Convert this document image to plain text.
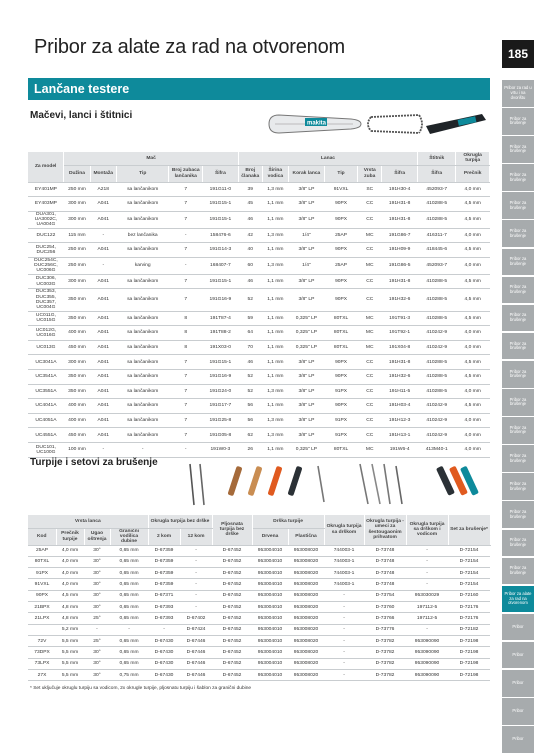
Pribor za alate za rad na otvorenom	185
Lančane testere	Pribor za rad u vrtu i na dvorištu
Pribor za brušenje
Pribor za brušenje
Pribor za brušenje
Pribor za brušenje
Pribor za brušenje
Pribor za brušenje
Pribor za brušenje
Pribor za brušenje
Pribor za brušenje
Pribor za brušenje
Pribor za brušenje
Pribor za brušenje
Pribor za brušenje
Pribor za brušenje
Pribor za brušenje
Pribor za brušenje
Pribor za brušenje
Pribor za alate za rad na otvorenom
Pribor
Pribor
Pribor
Pribor
Pribor
Mačevi, lanci i štitnici
makita
Za model	Mač					Lanac						Štitnik	Okrugla turpija
	Dužina	Montaža	Tip	Broj zubaca lančanika	Šifra	Broj članaka	Širina vodica	Korak lanca	Tip	Vrsta zuba	Šifra	Šifra	Prečnik
EY401MP	250 mm	A218	sa lančanikom	7	191G11-0	39	1,3 mm	3/8" LP	91VXL	SC	191H30-4	452093-7	4,0 mm
EY403MP	300 mm	A041	sa lančanikom	7	191G15-1	45	1,1 mm	3/8" LP	90PX	CC	191H31-8	410288-5	4,5 mm
DUA301, UA3002C, UA004G	300 mm	A041	sa lančanikom	7	191G15-1	46	1,1 mm	3/8" LP	90PX	CC	191H31-8	410288-5	4,5 mm
DUC122	115 mm	-	bez lančanika	-	158476-6	42	1,3 mm	1/4"	25AP	MC	191G86-7	416311-7	4,0 mm
DUC254, DUC256	250 mm	A041	sa lančanikom	7	191G14-3	40	1,1 mm	3/8" LP	90PX	CC	191H09-9	418445-6	4,5 mm
DUC254C, DUC256C, UC006G	250 mm	-	karving	-	168407-7	60	1,3 mm	1/4"	25AP	MC	191G86-5	452093-7	4,0 mm
DUC306, UC003G	300 mm	A041	sa lančanikom	7	191G15-1	46	1,1 mm	3/8" LP	90PX	CC	191H31-8	410288-5	4,5 mm
DUC353, DUC355, DUC357, UC004G	350 mm	A041	sa lančanikom	7	191G16-9	52	1,1 mm	3/8" LP	90PX	CC	191H32-6	410288-5	4,5 mm
UC011G, UC015G	350 mm	A041	sa lančanikom	8	191T87-4	59	1,1 mm	0,325" LP	80TXL	MC	191T91-3	410288-5	4,5 mm
UC012G, UC016G	400 mm	A041	sa lančanikom	8	191T88-2	64	1,1 mm	0,325" LP	80TXL	MC	191T92-1	410242-9	4,0 mm
UC013G	450 mm	A041	sa lančanikom	8	191X03-0	70	1,1 mm	0,325" LP	80TXL	MC	191X04-8	410242-9	4,0 mm
UC3041A	300 mm	A041	sa lančanikom	7	191G15-1	46	1,1 mm	3/8" LP	90PX	CC	191H31-8	410288-5	4,5 mm
UC3541A	350 mm	A041	sa lančanikom	7	191G16-9	52	1,1 mm	3/8" LP	90PX	CC	191H32-6	410288-5	4,5 mm
UC3551A	350 mm	A041	sa lančanikom	7	191G24-0	52	1,3 mm	3/8" LP	91PX	CC	191H11-5	410288-5	4,0 mm
UC4041A	400 mm	A041	sa lančanikom	7	191G17-7	56	1,1 mm	3/8" LP	90PX	CC	191H03-4	410242-9	4,5 mm
UC4051A	400 mm	A041	sa lančanikom	7	191G25-8	56	1,3 mm	3/8" LP	91PX	CC	191H12-3	410242-9	4,0 mm
UC4551A	450 mm	A041	sa lančanikom	7	191G05-8	62	1,3 mm	3/8" LP	91PX	CC	191H13-1	410242-9	4,0 mm
DUC101, UC100G	100 mm	-	-	-	191W0-3	26	1,1 mm	0,325" LP	80TXL	MC	191W6-4	413M40-1	4,0 mm
Turpije i setovi za brušenje
Vrsta lanca				Okrugla turpija bez drške		Pljosnata turpija bez drške	Drška turpije		Okrugla turpija sa drškom	Okrugla turpija - umeci za šestougaonim prihvatom	Okrugla turpija sa drškom i vodicom	Set za brušenje*
Kod	Prečnik turpije	Ugao oštrenja	Granični vodilica dubine	2 kom	12 kom		Drvena	Plastična				
25AP	4,0 mm	30°	0,65 mm	D-67359	-	D-67452	953004010	953008020	744003-1	D-73748	-	D-72154
80TXL	4,0 mm	30°	0,65 mm	D-67359	-	D-67452	953004010	953008020	744003-1	D-73748	-	D-72154
91PX	4,0 mm	30°	0,65 mm	D-67359	-	D-67452	953004010	953008020	744003-1	D-73748	-	D-72154
91VXL	4,0 mm	30°	0,65 mm	D-67359	-	D-67452	953004010	953008020	744003-1	D-73748	-	D-72154
90PX	4,5 mm	30°	0,65 mm	D-67371	-	D-67452	953004010	953008020	-	D-73754	953030029	D-72160
21BPX	4,8 mm	30°	0,65 mm	D-67393	-	D-67452	953004010	953008020	-	D-73760	197112-5	D-72176
21LPX	4,8 mm	25°	0,65 mm	D-67393	D-67402	D-67452	953004010	953008020	-	D-73766	197112-5	D-72176
	5,2 mm	-	-	-	D-67424	D-67452	953004010	953008020	-	D-73776	-	D-72182
72V	5,5 mm	25°	0,65 mm	D-67430	D-67446	D-67452	953004010	953008020	-	D-73782	953090090	D-72198
73DPX	5,5 mm	30°	0,65 mm	D-67430	D-67446	D-67452	953004010	953008020	-	D-73782	953090090	D-72198
73LPX	5,5 mm	30°	0,65 mm	D-67430	D-67446	D-67452	953004010	953008020	-	D-73782	953090090	D-72198
27X	5,5 mm	30°	0,75 mm	D-67430	D-67446	D-67452	953004010	953008020	-	D-73782	953090090	D-72198
* Set uključuje okruglu turpiju sa vodicom, 2x okrugle turpije, pljosnatu turpiju i šablon za granični dubine
